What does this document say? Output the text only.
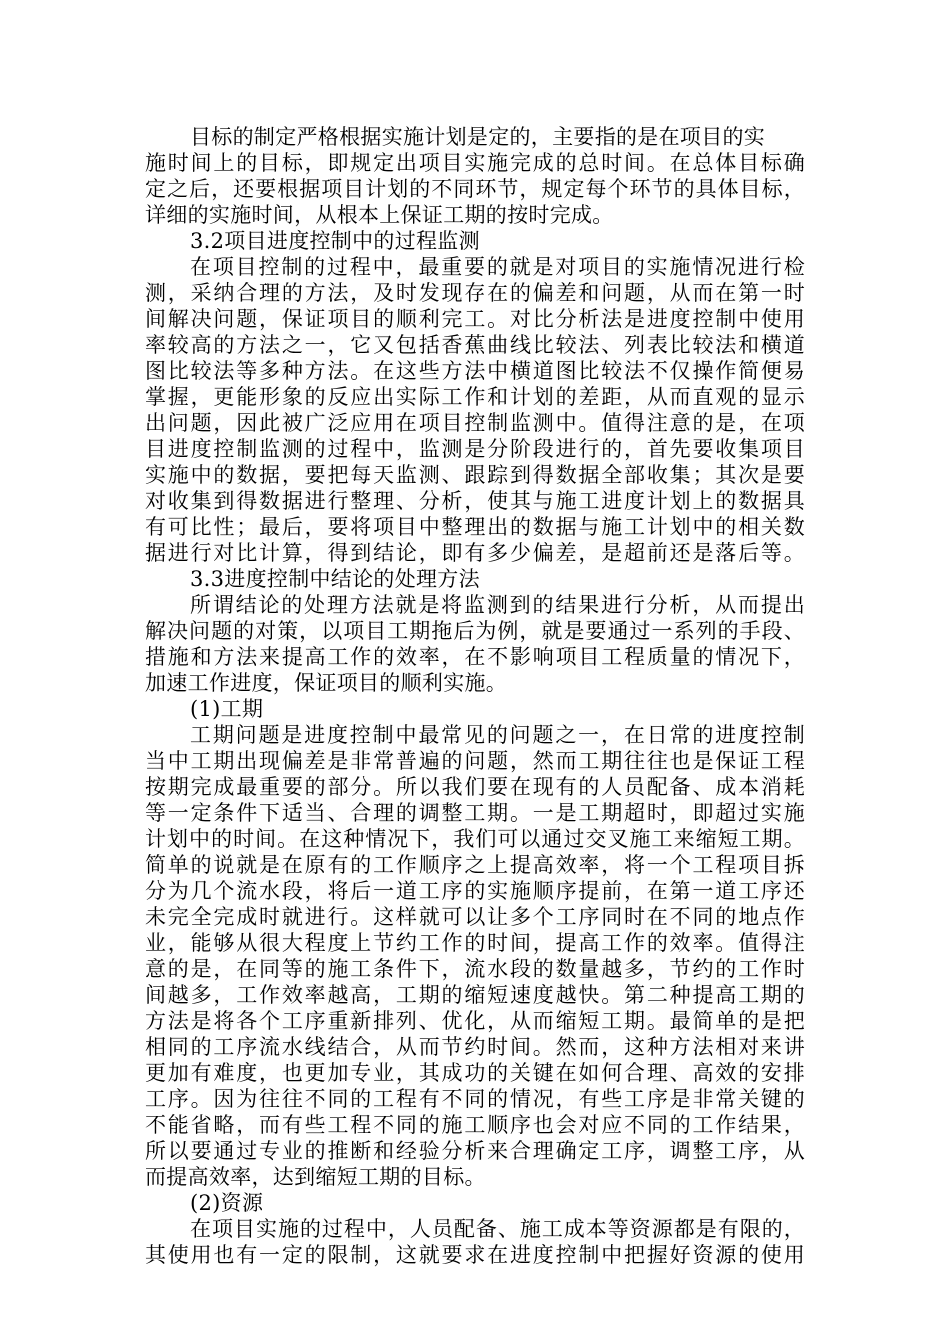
目标的制定严格根据实施计划是定的，主要指的是在项目的实
施时间上的目标，即规定出项目实施完成的总时间。在总体目标确
定之后，还要根据项目计划的不同环节，规定每个环节的具体目标，
详细的实施时间，从根本上保证工期的按时完成。
3.2项目进度控制中的过程监测
在项目控制的过程中，最重要的就是对项目的实施情况进行检
测，采纳合理的方法，及时发现存在的偏差和问题，从而在第一时
间解决问题，保证项目的顺利完工。对比分析法是进度控制中使用
率较高的方法之一，它又包括香蕉曲线比较法、列表比较法和横道
图比较法等多种方法。在这些方法中横道图比较法不仅操作简便易
掌握，更能形象的反应出实际工作和计划的差距，从而直观的显示
出问题，因此被广泛应用在项目控制监测中。值得注意的是，在项
目进度控制监测的过程中，监测是分阶段进行的，首先要收集项目
实施中的数据，要把每天监测、跟踪到得数据全部收集；其次是要
对收集到得数据进行整理、分析，使其与施工进度计划上的数据具
有可比性；最后，要将项目中整理出的数据与施工计划中的相关数
据进行对比计算，得到结论，即有多少偏差，是超前还是落后等。
3.3进度控制中结论的处理方法
所谓结论的处理方法就是将监测到的结果进行分析，从而提出
解决问题的对策，以项目工期拖后为例，就是要通过一系列的手段、
措施和方法来提高工作的效率，在不影响项目工程质量的情况下，
加速工作进度，保证项目的顺利实施。
(1)工期
工期问题是进度控制中最常见的问题之一，在日常的进度控制
当中工期出现偏差是非常普遍的问题，然而工期往往也是保证工程
按期完成最重要的部分。所以我们要在现有的人员配备、成本消耗
等一定条件下适当、合理的调整工期。一是工期超时，即超过实施
计划中的时间。在这种情况下，我们可以通过交叉施工来缩短工期。
简单的说就是在原有的工作顺序之上提高效率，将一个工程项目拆
分为几个流水段，将后一道工序的实施顺序提前，在第一道工序还
未完全完成时就进行。这样就可以让多个工序同时在不同的地点作
业，能够从很大程度上节约工作的时间，提高工作的效率。值得注
意的是，在同等的施工条件下，流水段的数量越多，节约的工作时
间越多，工作效率越高，工期的缩短速度越快。第二种提高工期的
方法是将各个工序重新排列、优化，从而缩短工期。最简单的是把
相同的工序流水线结合，从而节约时间。然而，这种方法相对来讲
更加有难度，也更加专业，其成功的关键在如何合理、高效的安排
工序。因为往往不同的工程有不同的情况，有些工序是非常关键的
不能省略，而有些工程不同的施工顺序也会对应不同的工作结果，
所以要通过专业的推断和经验分析来合理确定工序，调整工序，从
而提高效率，达到缩短工期的目标。
(2)资源
在项目实施的过程中，人员配备、施工成本等资源都是有限的，
其使用也有一定的限制，这就要求在进度控制中把握好资源的使用
